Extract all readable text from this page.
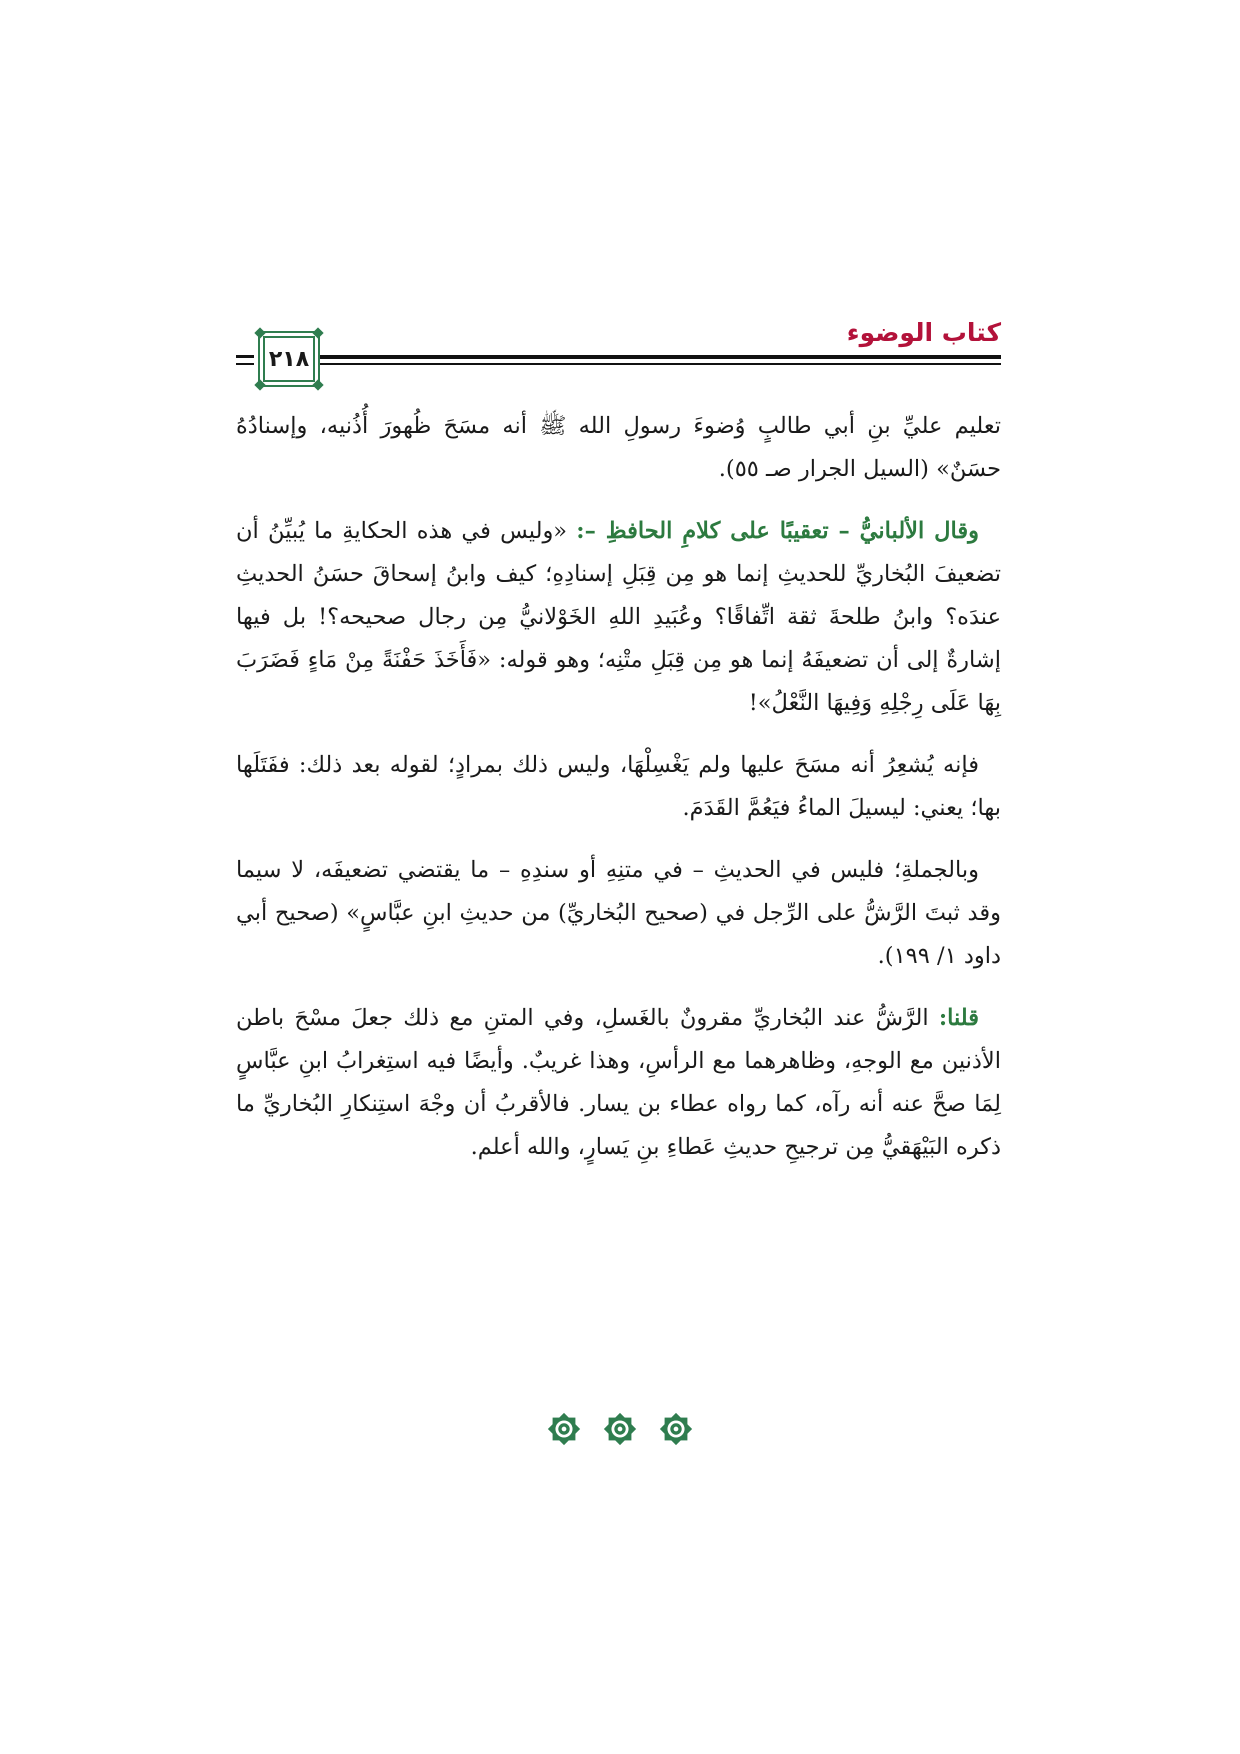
كتاب الوضوء
٢١٨

تعليم عليِّ بنِ أبي طالبٍ وُضوءَ رسولِ الله ﷺ أنه مسَحَ ظُهورَ أُذُنيه، وإسنادُهُ حسَنٌ» (السيل الجرار صـ ٥٥).

وقال الألبانيُّ – تعقيبًا على كلامِ الحافظِ –: «وليس في هذه الحكايةِ ما يُبيِّنُ أن تضعيفَ البُخاريِّ للحديثِ إنما هو مِن قِبَلِ إسنادِهِ؛ كيف وابنُ إسحاقَ حسَنُ الحديثِ عندَه؟ وابنُ طلحةَ ثقة اتِّفاقًا؟ وعُبَيدِ اللهِ الخَوْلانيُّ مِن رجال صحيحه؟! بل فيها إشارةٌ إلى أن تضعيفَهُ إنما هو مِن قِبَلِ متْنِه؛ وهو قوله: «فَأَخَذَ حَفْنَةً مِنْ مَاءٍ فَضَرَبَ بِهَا عَلَى رِجْلِهِ وَفِيهَا النَّعْلُ»!

فإنه يُشعِرُ أنه مسَحَ عليها ولم يَغْسِلْهَا، وليس ذلك بمرادٍ؛ لقوله بعد ذلك: ففَتَلَها بها؛ يعني: ليسيلَ الماءُ فيَعُمَّ القَدَمَ.

وبالجملةِ؛ فليس في الحديثِ – في متنِهِ أو سندِهِ – ما يقتضي تضعيفَه، لا سيما وقد ثبتَ الرَّشُّ على الرِّجل في (صحيح البُخاريِّ) من حديثِ ابنِ عبَّاسٍ» (صحيح أبي داود ١/ ١٩٩).

قلنا: الرَّشُّ عند البُخاريِّ مقرونٌ بالغَسلِ، وفي المتنِ مع ذلك جعلَ مسْحَ باطن الأذنين مع الوجهِ، وظاهرهما مع الرأسِ، وهذا غريبٌ. وأيضًا فيه استِغرابُ ابنِ عبَّاسٍ لِمَا صحَّ عنه أنه رآه، كما رواه عطاء بن يسار. فالأقربُ أن وجْهَ استِنكارِ البُخاريِّ ما ذكره البَيْهَقيُّ مِن ترجيحِ حديثِ عَطاءِ بنِ يَسارٍ، والله أعلم.
